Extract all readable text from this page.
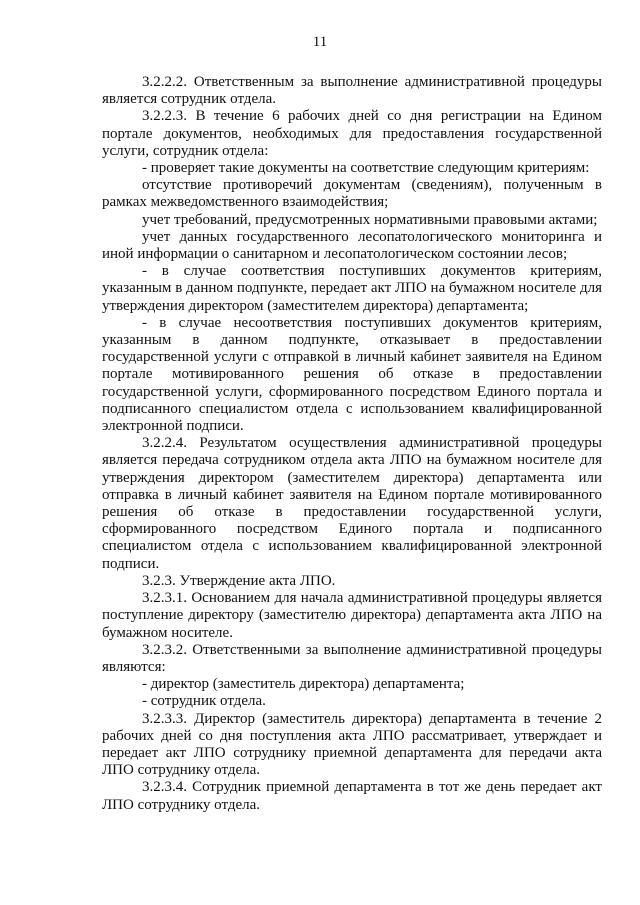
11

3.2.2.2. Ответственным за выполнение административной процедуры является сотрудник отдела.

3.2.2.3. В течение 6 рабочих дней со дня регистрации на Едином портале документов, необходимых для предоставления государственной услуги, сотрудник отдела:

- проверяет такие документы на соответствие следующим критериям:

отсутствие противоречий документам (сведениям), полученным в рамках межведомственного взаимодействия;

учет требований, предусмотренных нормативными правовыми актами;

учет данных государственного лесопатологического мониторинга и иной информации о санитарном и лесопатологическом состоянии лесов;

- в случае соответствия поступивших документов критериям, указанным в данном подпункте, передает акт ЛПО на бумажном носителе для утверждения директором (заместителем директора) департамента;

- в случае несоответствия поступивших документов критериям, указанным в данном подпункте, отказывает в предоставлении государственной услуги с отправкой в личный кабинет заявителя на Едином портале мотивированного решения об отказе в предоставлении государственной услуги, сформированного посредством Единого портала и подписанного специалистом отдела с использованием квалифицированной электронной подписи.

3.2.2.4. Результатом осуществления административной процедуры является передача сотрудником отдела акта ЛПО на бумажном носителе для утверждения директором (заместителем директора) департамента или отправка в личный кабинет заявителя на Едином портале мотивированного решения об отказе в предоставлении государственной услуги, сформированного посредством Единого портала и подписанного специалистом отдела с использованием квалифицированной электронной подписи.

3.2.3. Утверждение акта ЛПО.

3.2.3.1. Основанием для начала административной процедуры является поступление директору (заместителю директора) департамента акта ЛПО на бумажном носителе.

3.2.3.2. Ответственными за выполнение административной процедуры являются:

- директор (заместитель директора) департамента;

- сотрудник отдела.

3.2.3.3. Директор (заместитель директора) департамента в течение 2 рабочих дней со дня поступления акта ЛПО рассматривает, утверждает и передает акт ЛПО сотруднику приемной департамента для передачи акта ЛПО сотруднику отдела.

3.2.3.4. Сотрудник приемной департамента в тот же день передает акт ЛПО сотруднику отдела.
